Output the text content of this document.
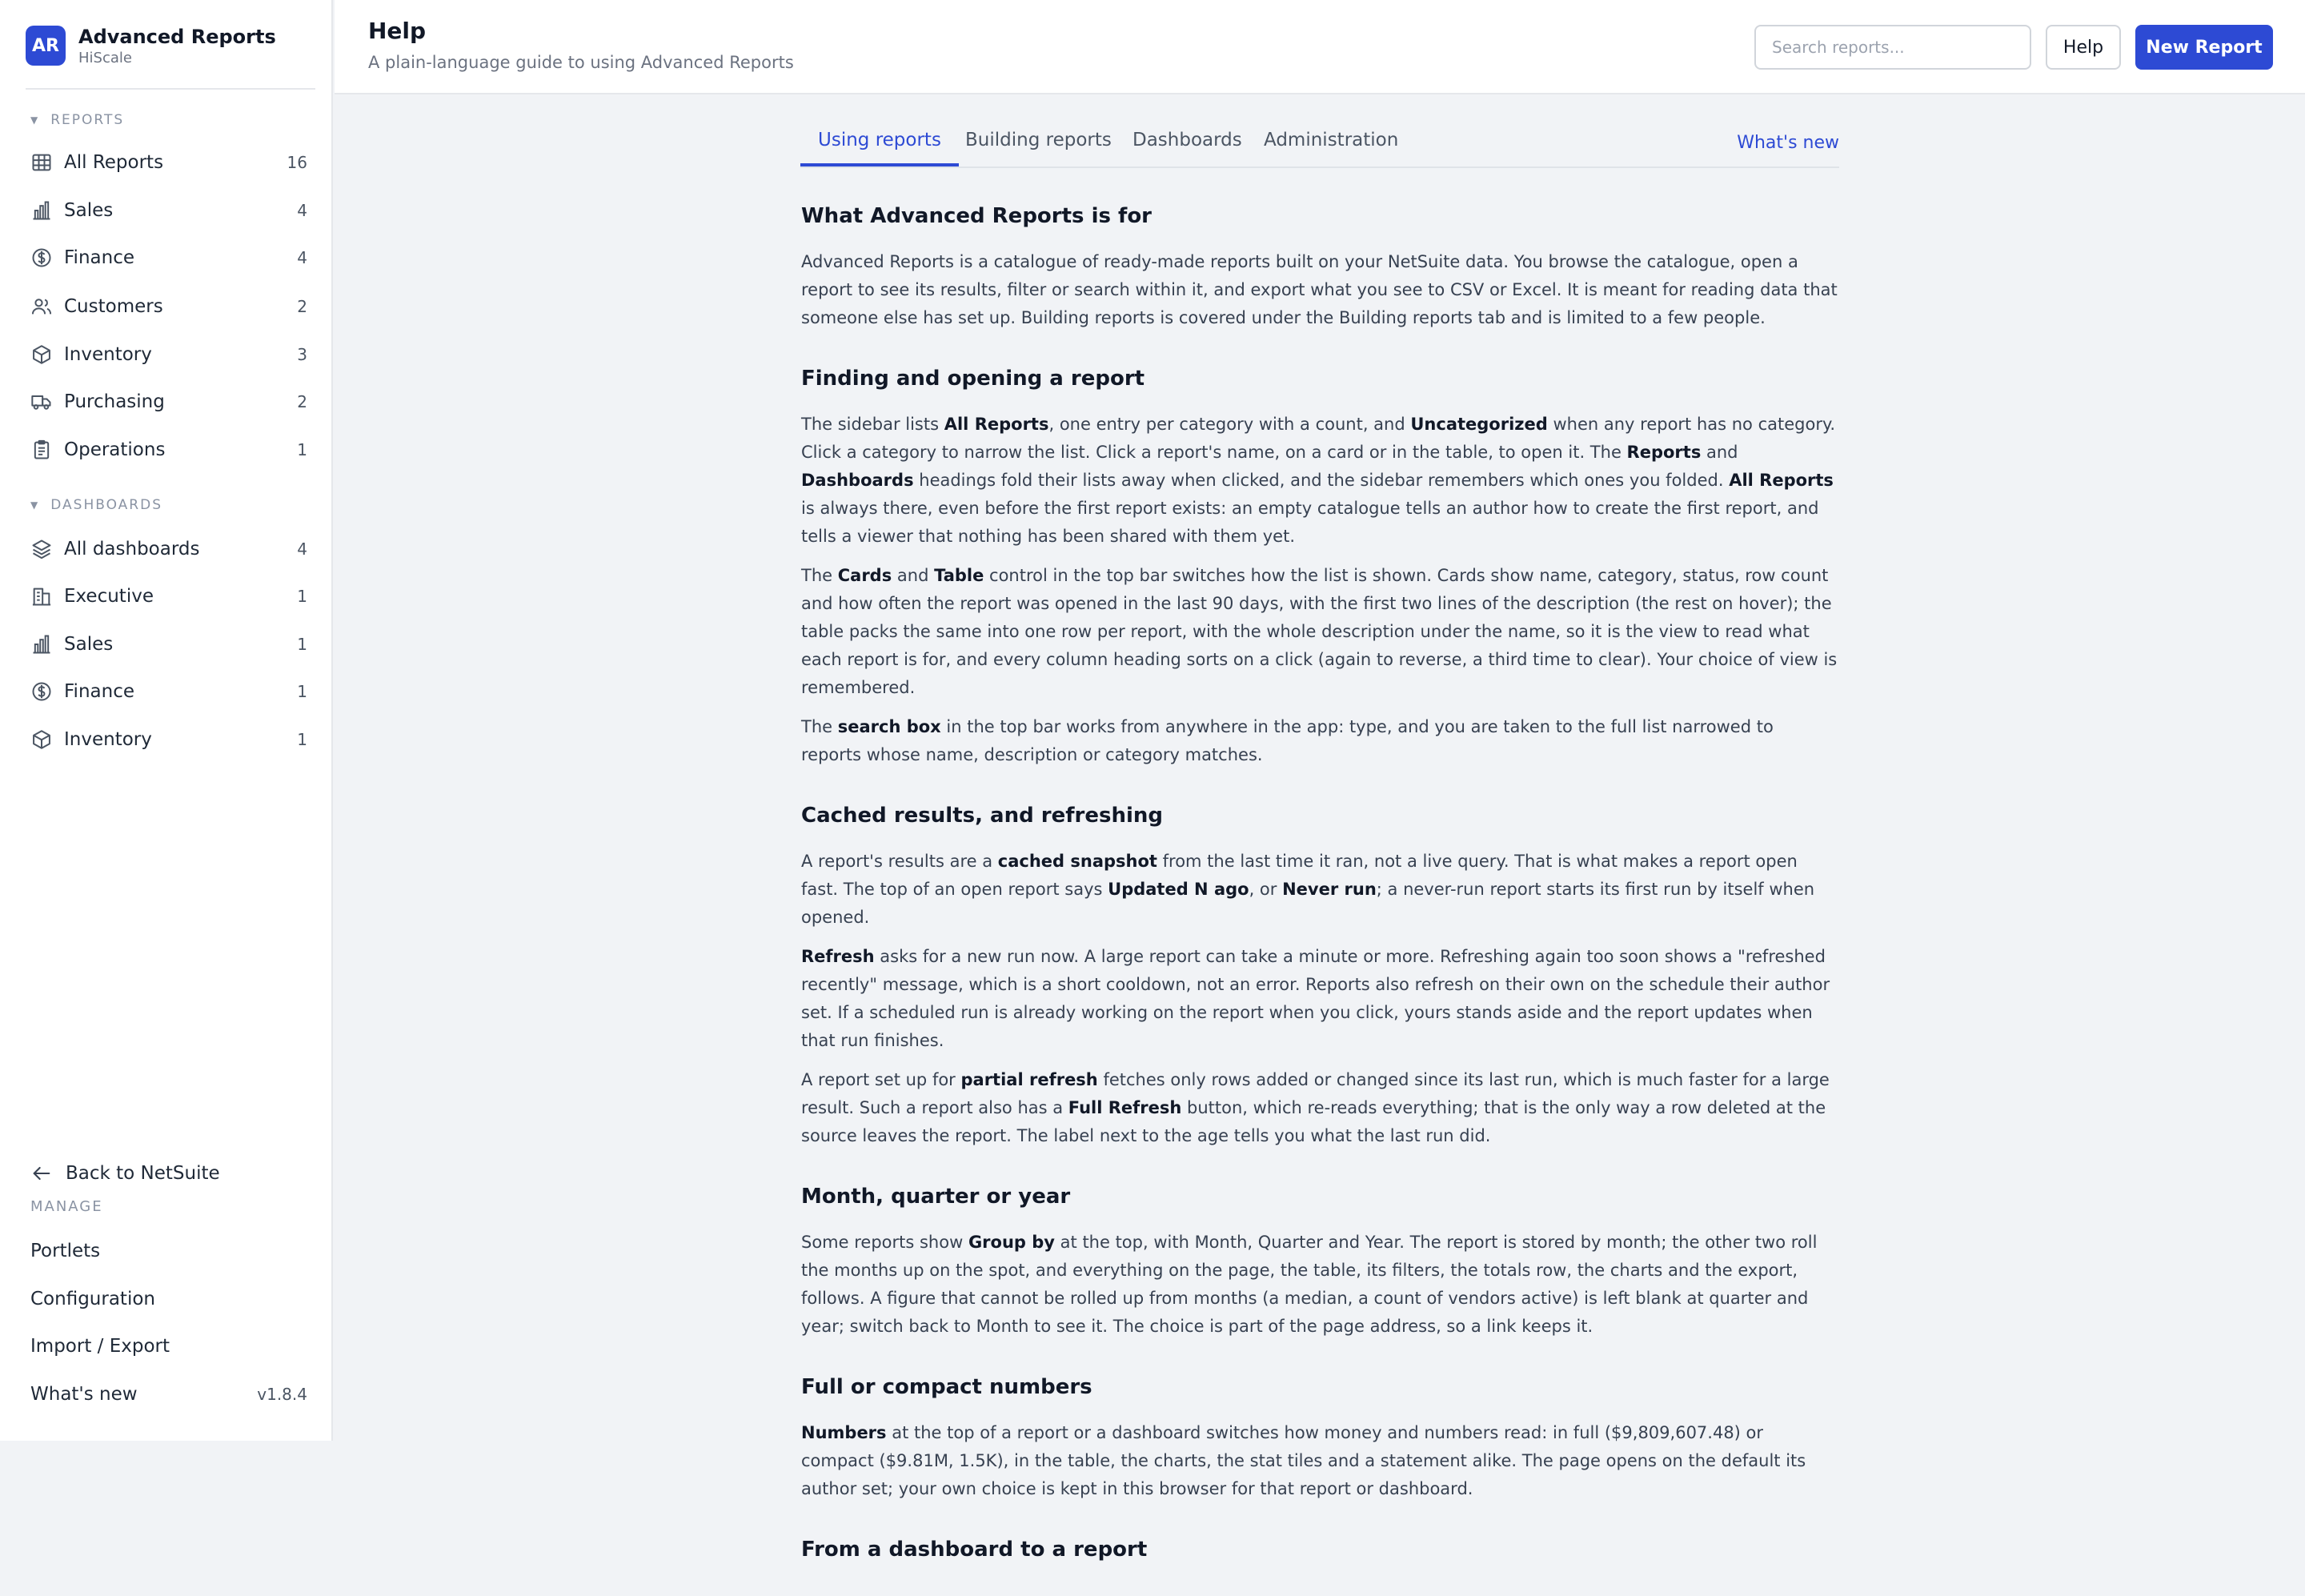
AR	Advanced Reports
HiScale
▼ REPORTS
All Reports	16
Sales	4
Finance	4
Customers	2
Inventory	3
Purchasing	2
Operations	1
▼ DASHBOARDS
All dashboards	4
Executive	1
Sales	1
Finance	1
Inventory	1
Back to NetSuite
MANAGE
Portlets
Configuration
Import / Export
What's new	v1.8.4
Help
A plain-language guide to using Advanced Reports
Search reports...
Help	New Report
Using reports	Building reports	Dashboards	Administration	What's new
What Advanced Reports is for

Advanced Reports is a catalogue of ready-made reports built on your NetSuite data. You browse the catalogue, open a report to see its results, filter or search within it, and export what you see to CSV or Excel. It is meant for reading data that someone else has set up. Building reports is covered under the Building reports tab and is limited to a few people.

Finding and opening a report

The sidebar lists All Reports, one entry per category with a count, and Uncategorized when any report has no category. Click a category to narrow the list. Click a report's name, on a card or in the table, to open it. The Reports and Dashboards headings fold their lists away when clicked, and the sidebar remembers which ones you folded. All Reports is always there, even before the first report exists: an empty catalogue tells an author how to create the first report, and tells a viewer that nothing has been shared with them yet.

The Cards and Table control in the top bar switches how the list is shown. Cards show name, category, status, row count and how often the report was opened in the last 90 days, with the first two lines of the description (the rest on hover); the table packs the same into one row per report, with the whole description under the name, so it is the view to read what each report is for, and every column heading sorts on a click (again to reverse, a third time to clear). Your choice of view is remembered.

The search box in the top bar works from anywhere in the app: type, and you are taken to the full list narrowed to reports whose name, description or category matches.

Cached results, and refreshing

A report's results are a cached snapshot from the last time it ran, not a live query. That is what makes a report open fast. The top of an open report says Updated N ago, or Never run; a never-run report starts its first run by itself when opened.

Refresh asks for a new run now. A large report can take a minute or more. Refreshing again too soon shows a "refreshed recently" message, which is a short cooldown, not an error. Reports also refresh on their own on the schedule their author set. If a scheduled run is already working on the report when you click, yours stands aside and the report updates when that run finishes.

A report set up for partial refresh fetches only rows added or changed since its last run, which is much faster for a large result. Such a report also has a Full Refresh button, which re-reads everything; that is the only way a row deleted at the source leaves the report. The label next to the age tells you what the last run did.

Month, quarter or year

Some reports show Group by at the top, with Month, Quarter and Year. The report is stored by month; the other two roll the months up on the spot, and everything on the page, the table, its filters, the totals row, the charts and the export, follows. A figure that cannot be rolled up from months (a median, a count of vendors active) is left blank at quarter and year; switch back to Month to see it. The choice is part of the page address, so a link keeps it.

Full or compact numbers

Numbers at the top of a report or a dashboard switches how money and numbers read: in full ($9,809,607.48) or compact ($9.81M, 1.5K), in the table, the charts, the stat tiles and a statement alike. The page opens on the default its author set; your own choice is kept in this browser for that report or dashboard.

From a dashboard to a report
